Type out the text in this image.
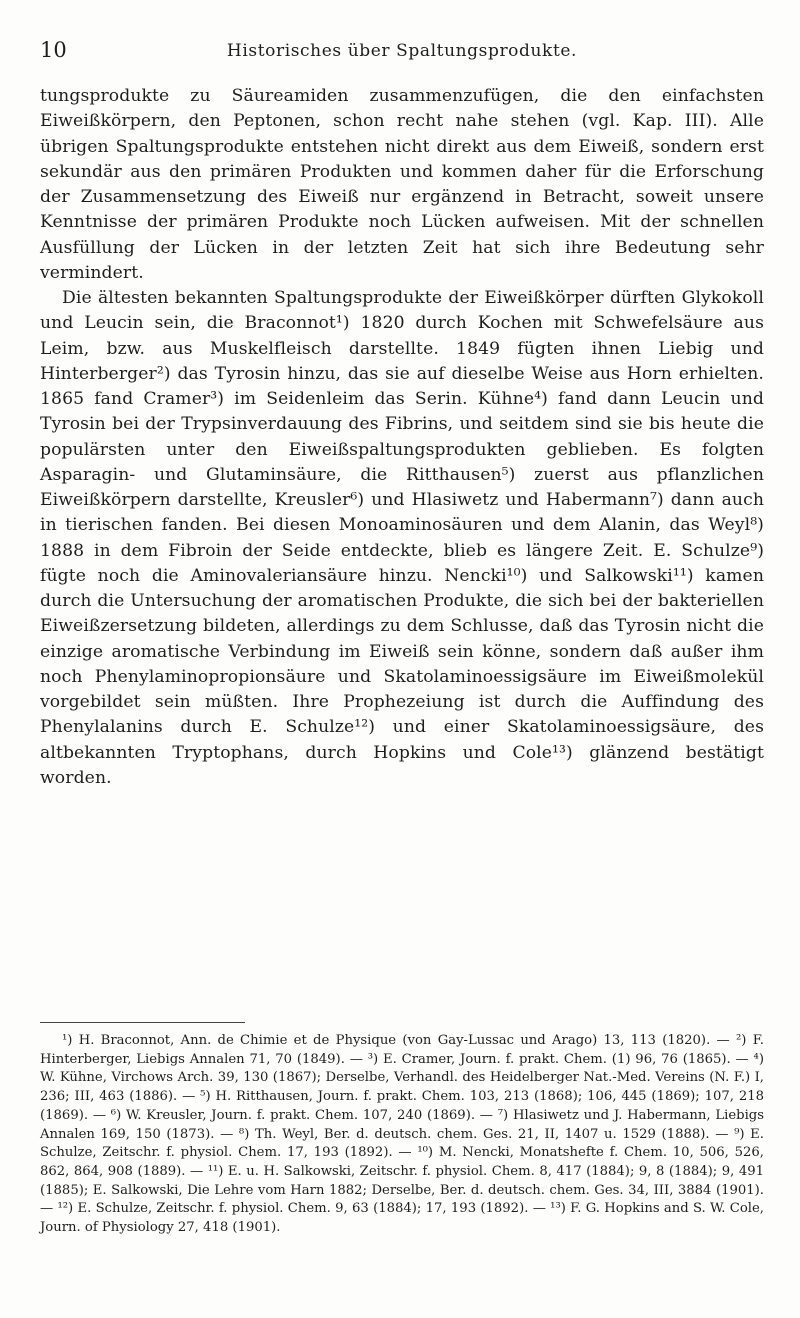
10	Historisches über Spaltungsprodukte.

tungsprodukte zu Säureamiden zusammenzufügen, die den einfachsten Eiweißkörpern, den Peptonen, schon recht nahe stehen (vgl. Kap. III). Alle übrigen Spaltungsprodukte entstehen nicht direkt aus dem Eiweiß, sondern erst sekundär aus den primären Produkten und kommen daher für die Erforschung der Zusammensetzung des Eiweiß nur ergänzend in Betracht, soweit unsere Kenntnisse der primären Produkte noch Lücken aufweisen. Mit der schnellen Ausfüllung der Lücken in der letzten Zeit hat sich ihre Bedeutung sehr vermindert.

Die ältesten bekannten Spaltungsprodukte der Eiweißkörper dürften Glykokoll und Leucin sein, die Braconnot¹) 1820 durch Kochen mit Schwefelsäure aus Leim, bzw. aus Muskelfleisch darstellte. 1849 fügten ihnen Liebig und Hinterberger²) das Tyrosin hinzu, das sie auf dieselbe Weise aus Horn erhielten. 1865 fand Cramer³) im Seidenleim das Serin. Kühne⁴) fand dann Leucin und Tyrosin bei der Trypsinverdauung des Fibrins, und seitdem sind sie bis heute die populärsten unter den Eiweißspaltungsprodukten geblieben. Es folgten Asparagin- und Glutaminsäure, die Ritthausen⁵) zuerst aus pflanzlichen Eiweißkörpern darstellte, Kreusler⁶) und Hlasiwetz und Habermann⁷) dann auch in tierischen fanden. Bei diesen Monoaminosäuren und dem Alanin, das Weyl⁸) 1888 in dem Fibroin der Seide entdeckte, blieb es längere Zeit. E. Schulze⁹) fügte noch die Aminovaleriansäure hinzu. Nencki¹⁰) und Salkowski¹¹) kamen durch die Untersuchung der aromatischen Produkte, die sich bei der bakteriellen Eiweißzersetzung bildeten, allerdings zu dem Schlusse, daß das Tyrosin nicht die einzige aromatische Verbindung im Eiweiß sein könne, sondern daß außer ihm noch Phenylaminopropionsäure und Skatolaminoessigsäure im Eiweißmolekül vorgebildet sein müßten. Ihre Prophezeiung ist durch die Auffindung des Phenylalanins durch E. Schulze¹²) und einer Skatolaminoessigsäure, des altbekannten Tryptophans, durch Hopkins und Cole¹³) glänzend bestätigt worden.

¹) H. Braconnot, Ann. de Chimie et de Physique (von Gay-Lussac und Arago) 13, 113 (1820). — ²) F. Hinterberger, Liebigs Annalen 71, 70 (1849). — ³) E. Cramer, Journ. f. prakt. Chem. (1) 96, 76 (1865). — ⁴) W. Kühne, Virchows Arch. 39, 130 (1867); Derselbe, Verhandl. des Heidelberger Nat.-Med. Vereins (N. F.) I, 236; III, 463 (1886). — ⁵) H. Ritthausen, Journ. f. prakt. Chem. 103, 213 (1868); 106, 445 (1869); 107, 218 (1869). — ⁶) W. Kreusler, Journ. f. prakt. Chem. 107, 240 (1869). — ⁷) Hlasiwetz und J. Habermann, Liebigs Annalen 169, 150 (1873). — ⁸) Th. Weyl, Ber. d. deutsch. chem. Ges. 21, II, 1407 u. 1529 (1888). — ⁹) E. Schulze, Zeitschr. f. physiol. Chem. 17, 193 (1892). — ¹⁰) M. Nencki, Monatshefte f. Chem. 10, 506, 526, 862, 864, 908 (1889). — ¹¹) E. u. H. Salkowski, Zeitschr. f. physiol. Chem. 8, 417 (1884); 9, 8 (1884); 9, 491 (1885); E. Salkowski, Die Lehre vom Harn 1882; Derselbe, Ber. d. deutsch. chem. Ges. 34, III, 3884 (1901). — ¹²) E. Schulze, Zeitschr. f. physiol. Chem. 9, 63 (1884); 17, 193 (1892). — ¹³) F. G. Hopkins and S. W. Cole, Journ. of Physiology 27, 418 (1901).
